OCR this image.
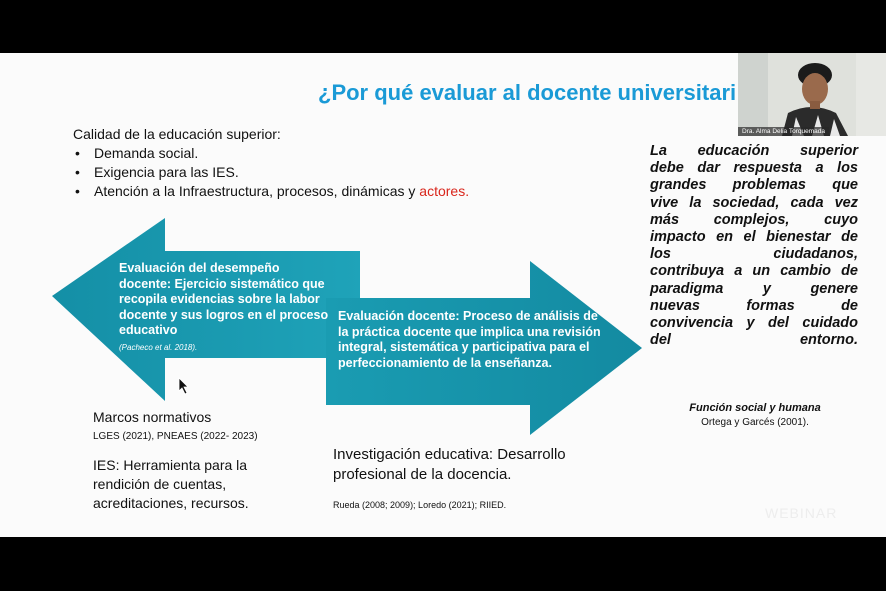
¿Por qué evaluar al docente universitari
Calidad de la educación superior:
• Demanda social.
• Exigencia para las IES.
• Atención a la Infraestructura, procesos, dinámicas y actores.
Evaluación del desempeño docente: Ejercicio sistemático que recopila evidencias sobre la labor docente y sus logros en el proceso educativo
(Pacheco et al. 2018).
Evaluación docente: Proceso de análisis de la práctica docente que implica una revisión integral, sistemática y participativa para el perfeccionamiento de la enseñanza.
Marcos normativos
LGES (2021), PNEAES (2022- 2023)
IES: Herramienta para la rendición de cuentas, acreditaciones, recursos.
Investigación educativa: Desarrollo profesional de la docencia.
Rueda (2008; 2009); Loredo (2021); RIIED.
La educación superior
debe dar respuesta a los
grandes problemas que
vive la sociedad, cada vez
más complejos, cuyo
impacto en el bienestar de
los ciudadanos,
contribuya a un cambio de
paradigma y genere
nuevas formas de
convivencia y del cuidado
del entorno.
Función social y humana
Ortega y Garcés (2001).
WEBINAR
Dra. Alma Delia Torquemada
